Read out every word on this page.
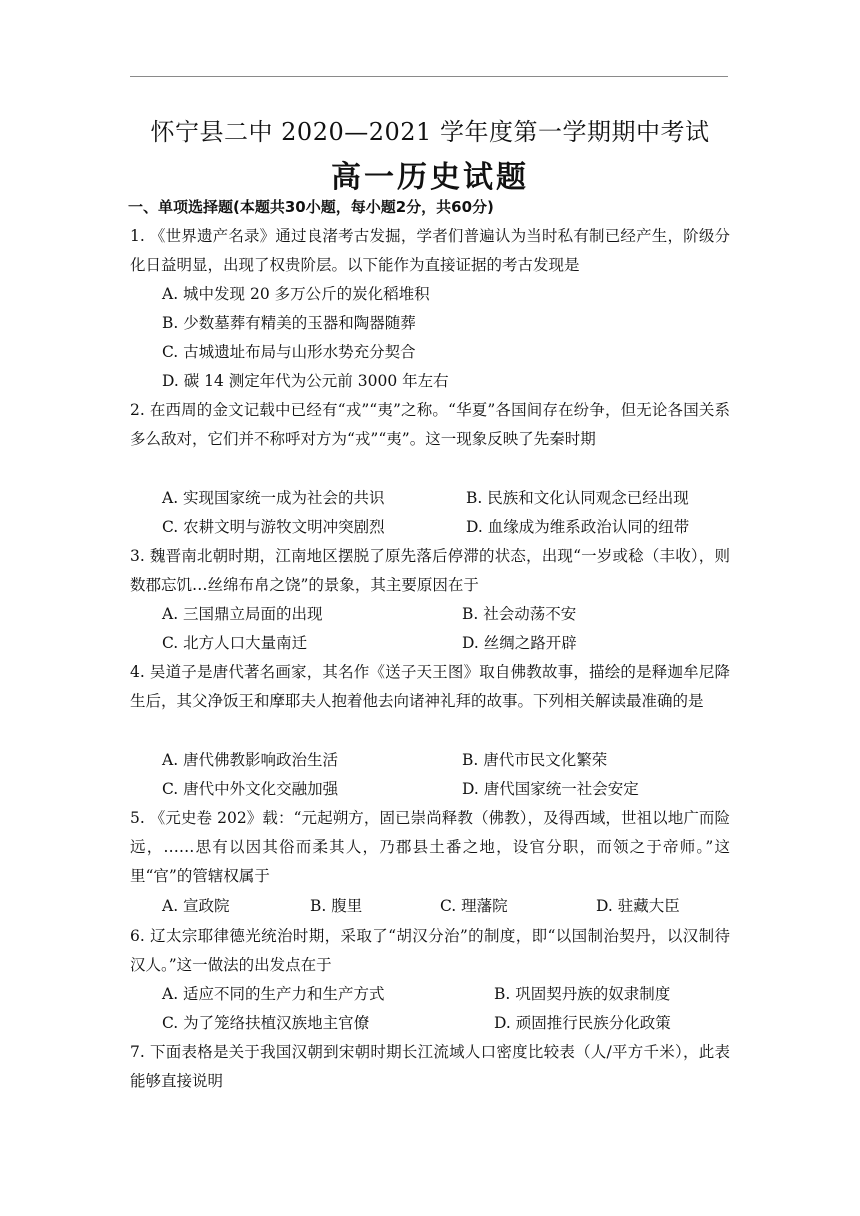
怀宁县二中 2020—2021 学年度第一学期期中考试
高一历史试题
一、单项选择题(本题共30小题，每小题2分，共60分)
1. 《世界遗产名录》通过良渚考古发掘，学者们普遍认为当时私有制已经产生，阶级分化日益明显，出现了权贵阶层。以下能作为直接证据的考古发现是
A. 城中发现 20 多万公斤的炭化稻堆积
B. 少数墓葬有精美的玉器和陶器随葬
C. 古城遗址布局与山形水势充分契合
D. 碳 14 测定年代为公元前 3000 年左右
2. 在西周的金文记载中已经有“戎”“夷”之称。“华夏”各国间存在纷争，但无论各国关系多么敌对，它们并不称呼对方为“戎”“夷”。这一现象反映了先秦时期
A. 实现国家统一成为社会的共识	B. 民族和文化认同观念已经出现
C. 农耕文明与游牧文明冲突剧烈	D. 血缘成为维系政治认同的纽带
3. 魏晋南北朝时期，江南地区摆脱了原先落后停滞的状态，出现“一岁或稔（丰收），则数郡忘饥…丝绵布帛之饶”的景象，其主要原因在于
A. 三国鼎立局面的出现	B. 社会动荡不安
C. 北方人口大量南迁	D. 丝绸之路开辟
4. 吴道子是唐代著名画家，其名作《送子天王图》取自佛教故事，描绘的是释迦牟尼降生后，其父净饭王和摩耶夫人抱着他去向诸神礼拜的故事。下列相关解读最准确的是
A. 唐代佛教影响政治生活	B. 唐代市民文化繁荣
C. 唐代中外文化交融加强	D. 唐代国家统一社会安定
5. 《元史卷 202》载：“元起朔方，固已崇尚释教（佛教），及得西域，世祖以地广而险远，……思有以因其俗而柔其人，乃郡县土番之地，设官分职，而领之于帝师。”这里“官”的管辖权属于
A. 宣政院	B. 腹里	C. 理藩院	D. 驻藏大臣
6. 辽太宗耶律德光统治时期，采取了“胡汉分治”的制度，即“以国制治契丹，以汉制待汉人。”这一做法的出发点在于
A. 适应不同的生产力和生产方式	B. 巩固契丹族的奴隶制度
C. 为了笼络扶植汉族地主官僚	D. 顽固推行民族分化政策
7. 下面表格是关于我国汉朝到宋朝时期长江流域人口密度比较表（人/平方千米），此表能够直接说明
